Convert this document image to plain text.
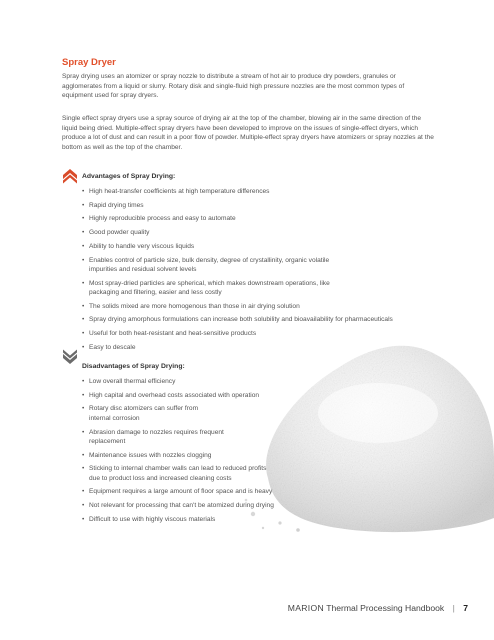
Spray Dryer
Spray drying uses an atomizer or spray nozzle to distribute a stream of hot air to produce dry powders, granules or agglomerates from a liquid or slurry. Rotary disk and single-fluid high pressure nozzles are the most common types of equipment used for spray dryers.
Single effect spray dryers use a spray source of drying air at the top of the chamber, blowing air in the same direction of the liquid being dried. Multiple-effect spray dryers have been developed to improve on the issues of single-effect dryers, which produce a lot of dust and can result in a poor flow of powder. Multiple-effect spray dryers have atomizers or spray nozzles at the bottom as well as the top of the chamber.
Advantages of Spray Drying:
• High heat-transfer coefficients at high temperature differences
• Rapid drying times
• Highly reproducible process and easy to automate
• Good powder quality
• Ability to handle very viscous liquids
• Enables control of particle size, bulk density, degree of crystallinity, organic volatile impurities and residual solvent levels
• Most spray-dried particles are spherical, which makes downstream operations, like packaging and filtering, easier and less costly
• The solids mixed are more homogenous than those in air drying solution
• Spray drying amorphous formulations can increase both solubility and bioavailability for pharmaceuticals
• Useful for both heat-resistant and heat-sensitive products
• Easy to descale
Disadvantages of Spray Drying:
• Low overall thermal efficiency
• High capital and overhead costs associated with operation
• Rotary disc atomizers can suffer from internal corrosion
• Abrasion damage to nozzles requires frequent replacement
• Maintenance issues with nozzles clogging
• Sticking to internal chamber walls can lead to reduced profits due to product loss and increased cleaning costs
• Equipment requires a large amount of floor space and is heavy
• Not relevant for processing that can't be atomized during drying
• Difficult to use with highly viscous materials
MARION Thermal Processing Handbook | 7
